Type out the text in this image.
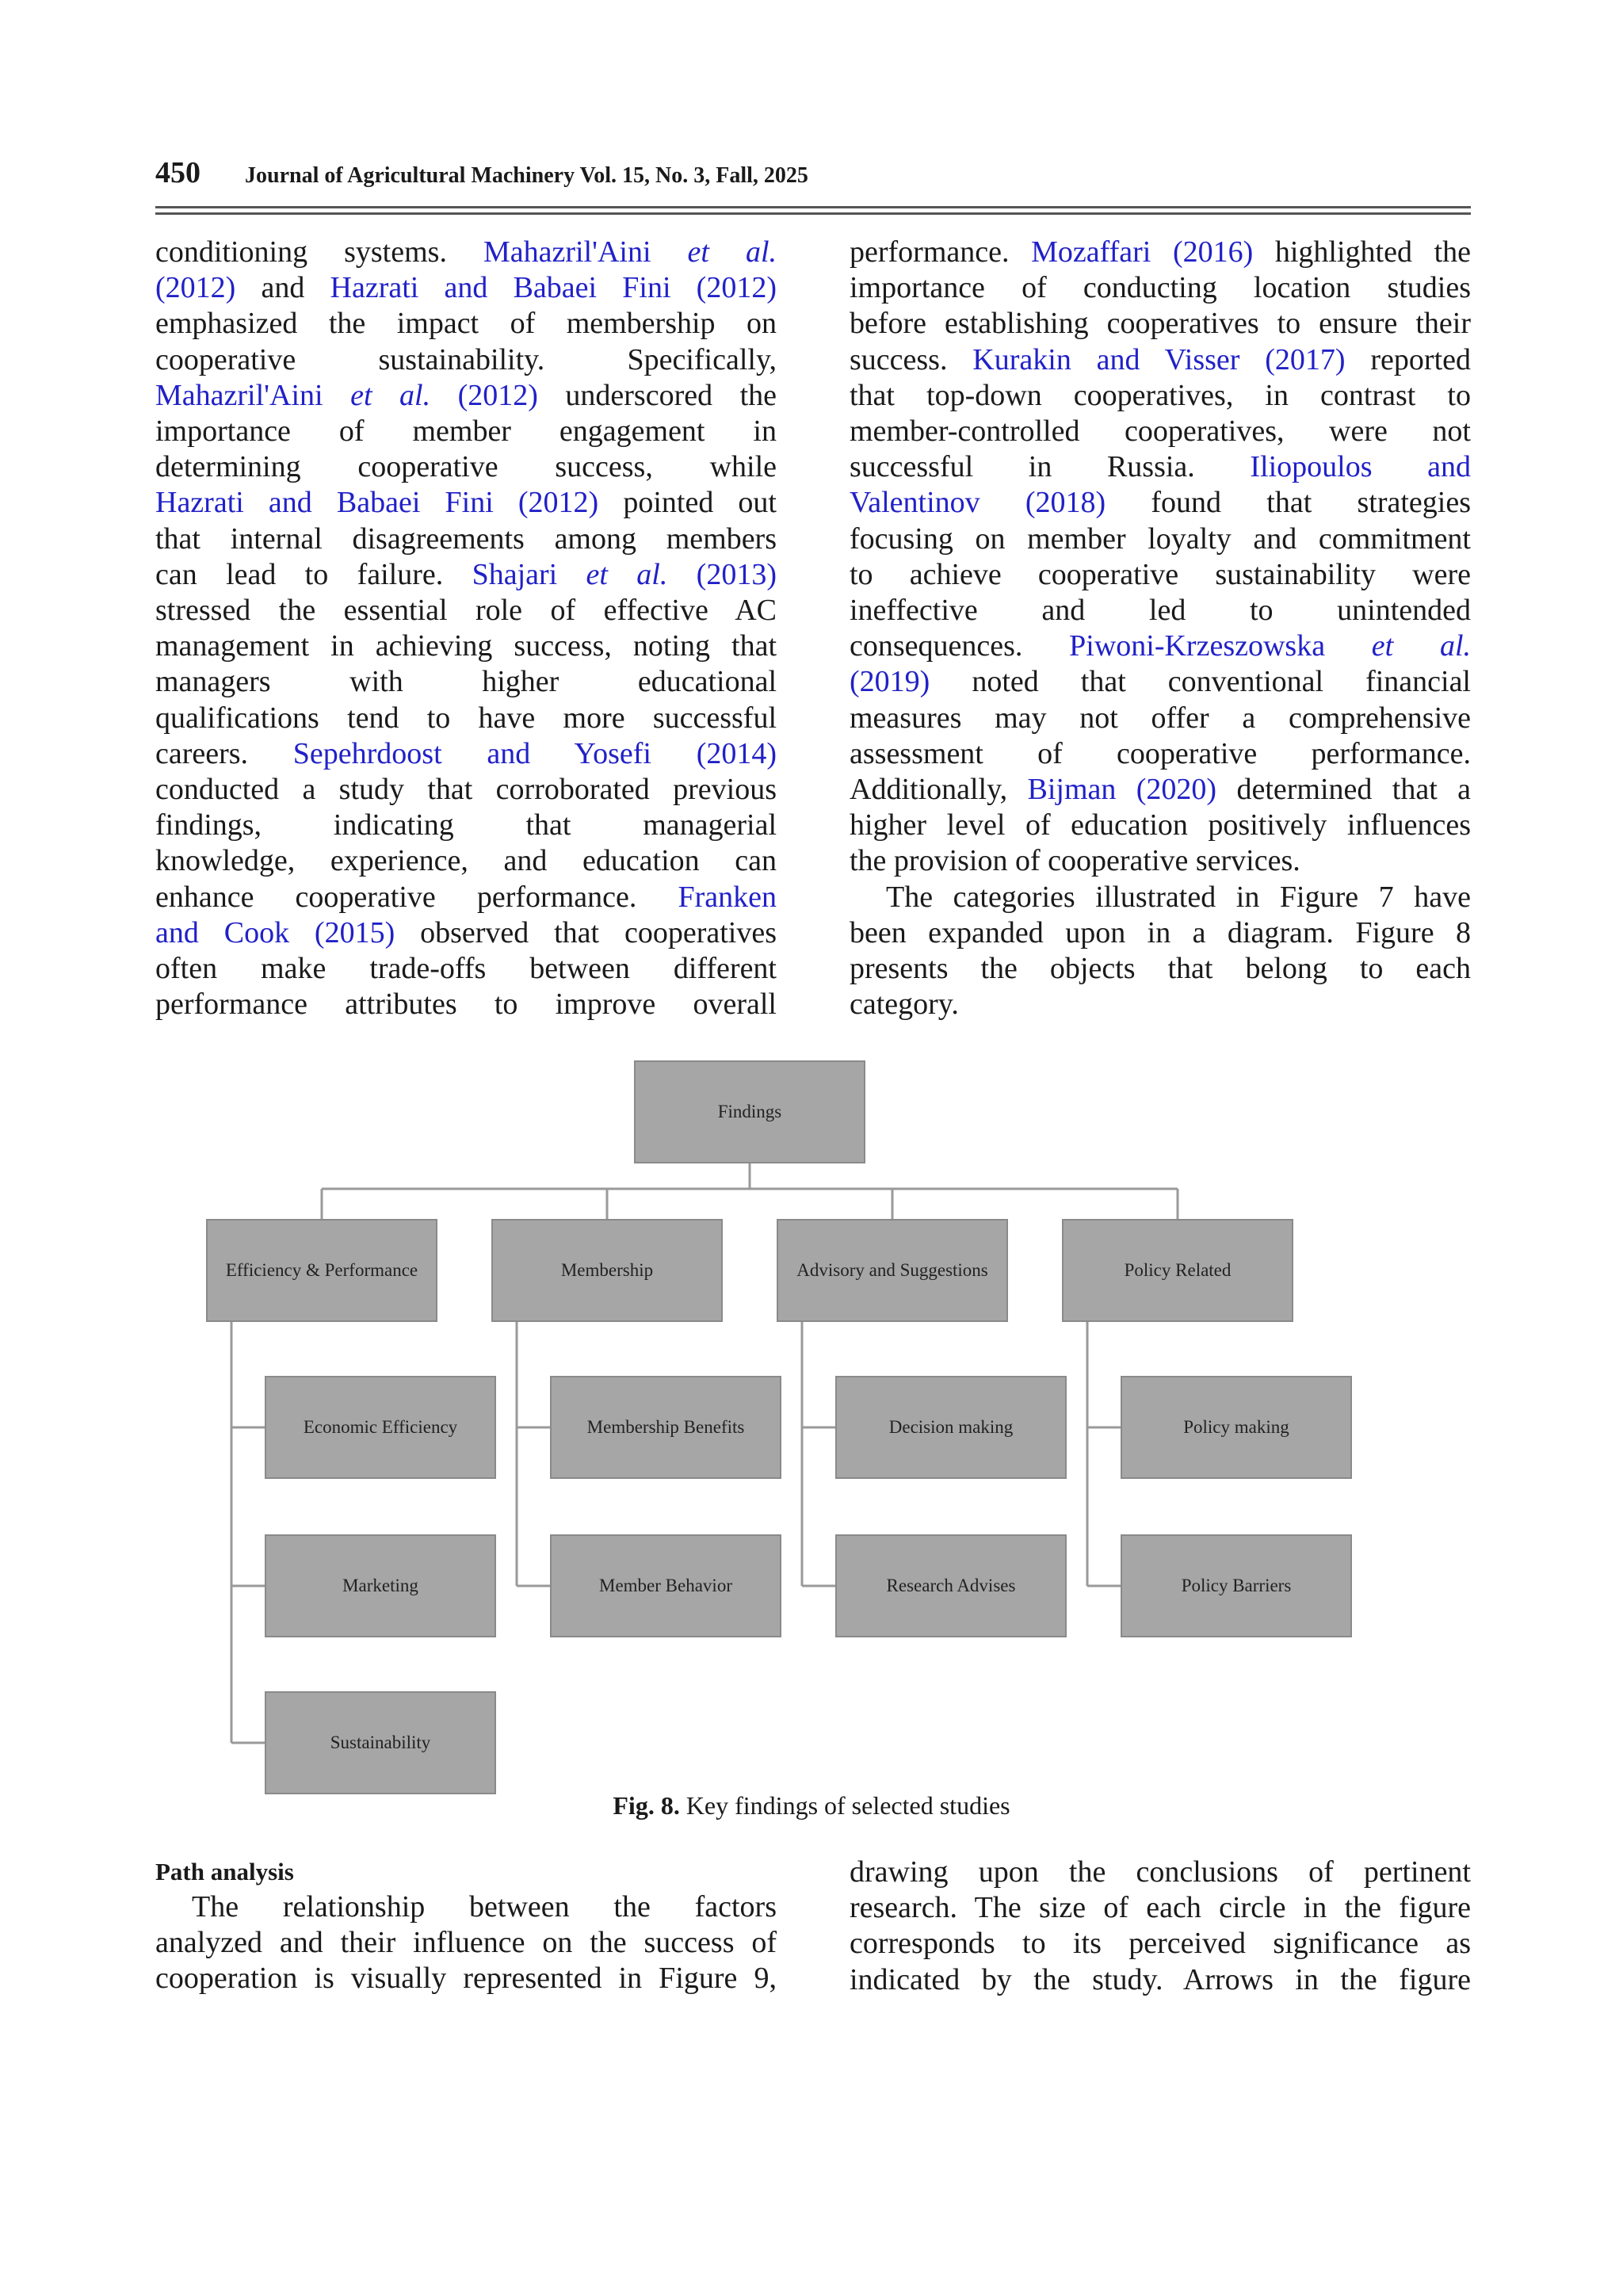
450 Journal of Agricultural Machinery Vol. 15, No. 3, Fall, 2025
conditioning systems. Mahazril'Aini et al.
(2012) and Hazrati and Babaei Fini (2012)
emphasized the impact of membership on
cooperative sustainability. Specifically,
Mahazril'Aini et al. (2012) underscored the
importance of member engagement in
determining cooperative success, while
Hazrati and Babaei Fini (2012) pointed out
that internal disagreements among members
can lead to failure. Shajari et al. (2013)
stressed the essential role of effective AC
management in achieving success, noting that
managers with higher educational
qualifications tend to have more successful
careers. Sepehrdoost and Yosefi (2014)
conducted a study that corroborated previous
findings, indicating that managerial
knowledge, experience, and education can
enhance cooperative performance. Franken
and Cook (2015) observed that cooperatives
often make trade-offs between different
performance attributes to improve overall
performance. Mozaffari (2016) highlighted the
importance of conducting location studies
before establishing cooperatives to ensure their
success. Kurakin and Visser (2017) reported
that top-down cooperatives, in contrast to
member-controlled cooperatives, were not
successful in Russia. Iliopoulos and
Valentinov (2018) found that strategies
focusing on member loyalty and commitment
to achieve cooperative sustainability were
ineffective and led to unintended
consequences. Piwoni-Krzeszowska et al.
(2019) noted that conventional financial
measures may not offer a comprehensive
assessment of cooperative performance.
Additionally, Bijman (2020) determined that a
higher level of education positively influences
the provision of cooperative services.
The categories illustrated in Figure 7 have
been expanded upon in a diagram. Figure 8
presents the objects that belong to each
category.
Findings
Efficiency & Performance	Membership	Advisory and Suggestions	Policy Related
Economic Efficiency
Marketing
Sustainability
Membership Benefits
Member Behavior
Decision making
Research Advises
Policy making
Policy Barriers
Fig. 8. Key findings of selected studies
Path analysis
The relationship between the factors
analyzed and their influence on the success of
cooperation is visually represented in Figure 9,
drawing upon the conclusions of pertinent
research. The size of each circle in the figure
corresponds to its perceived significance as
indicated by the study. Arrows in the figure
